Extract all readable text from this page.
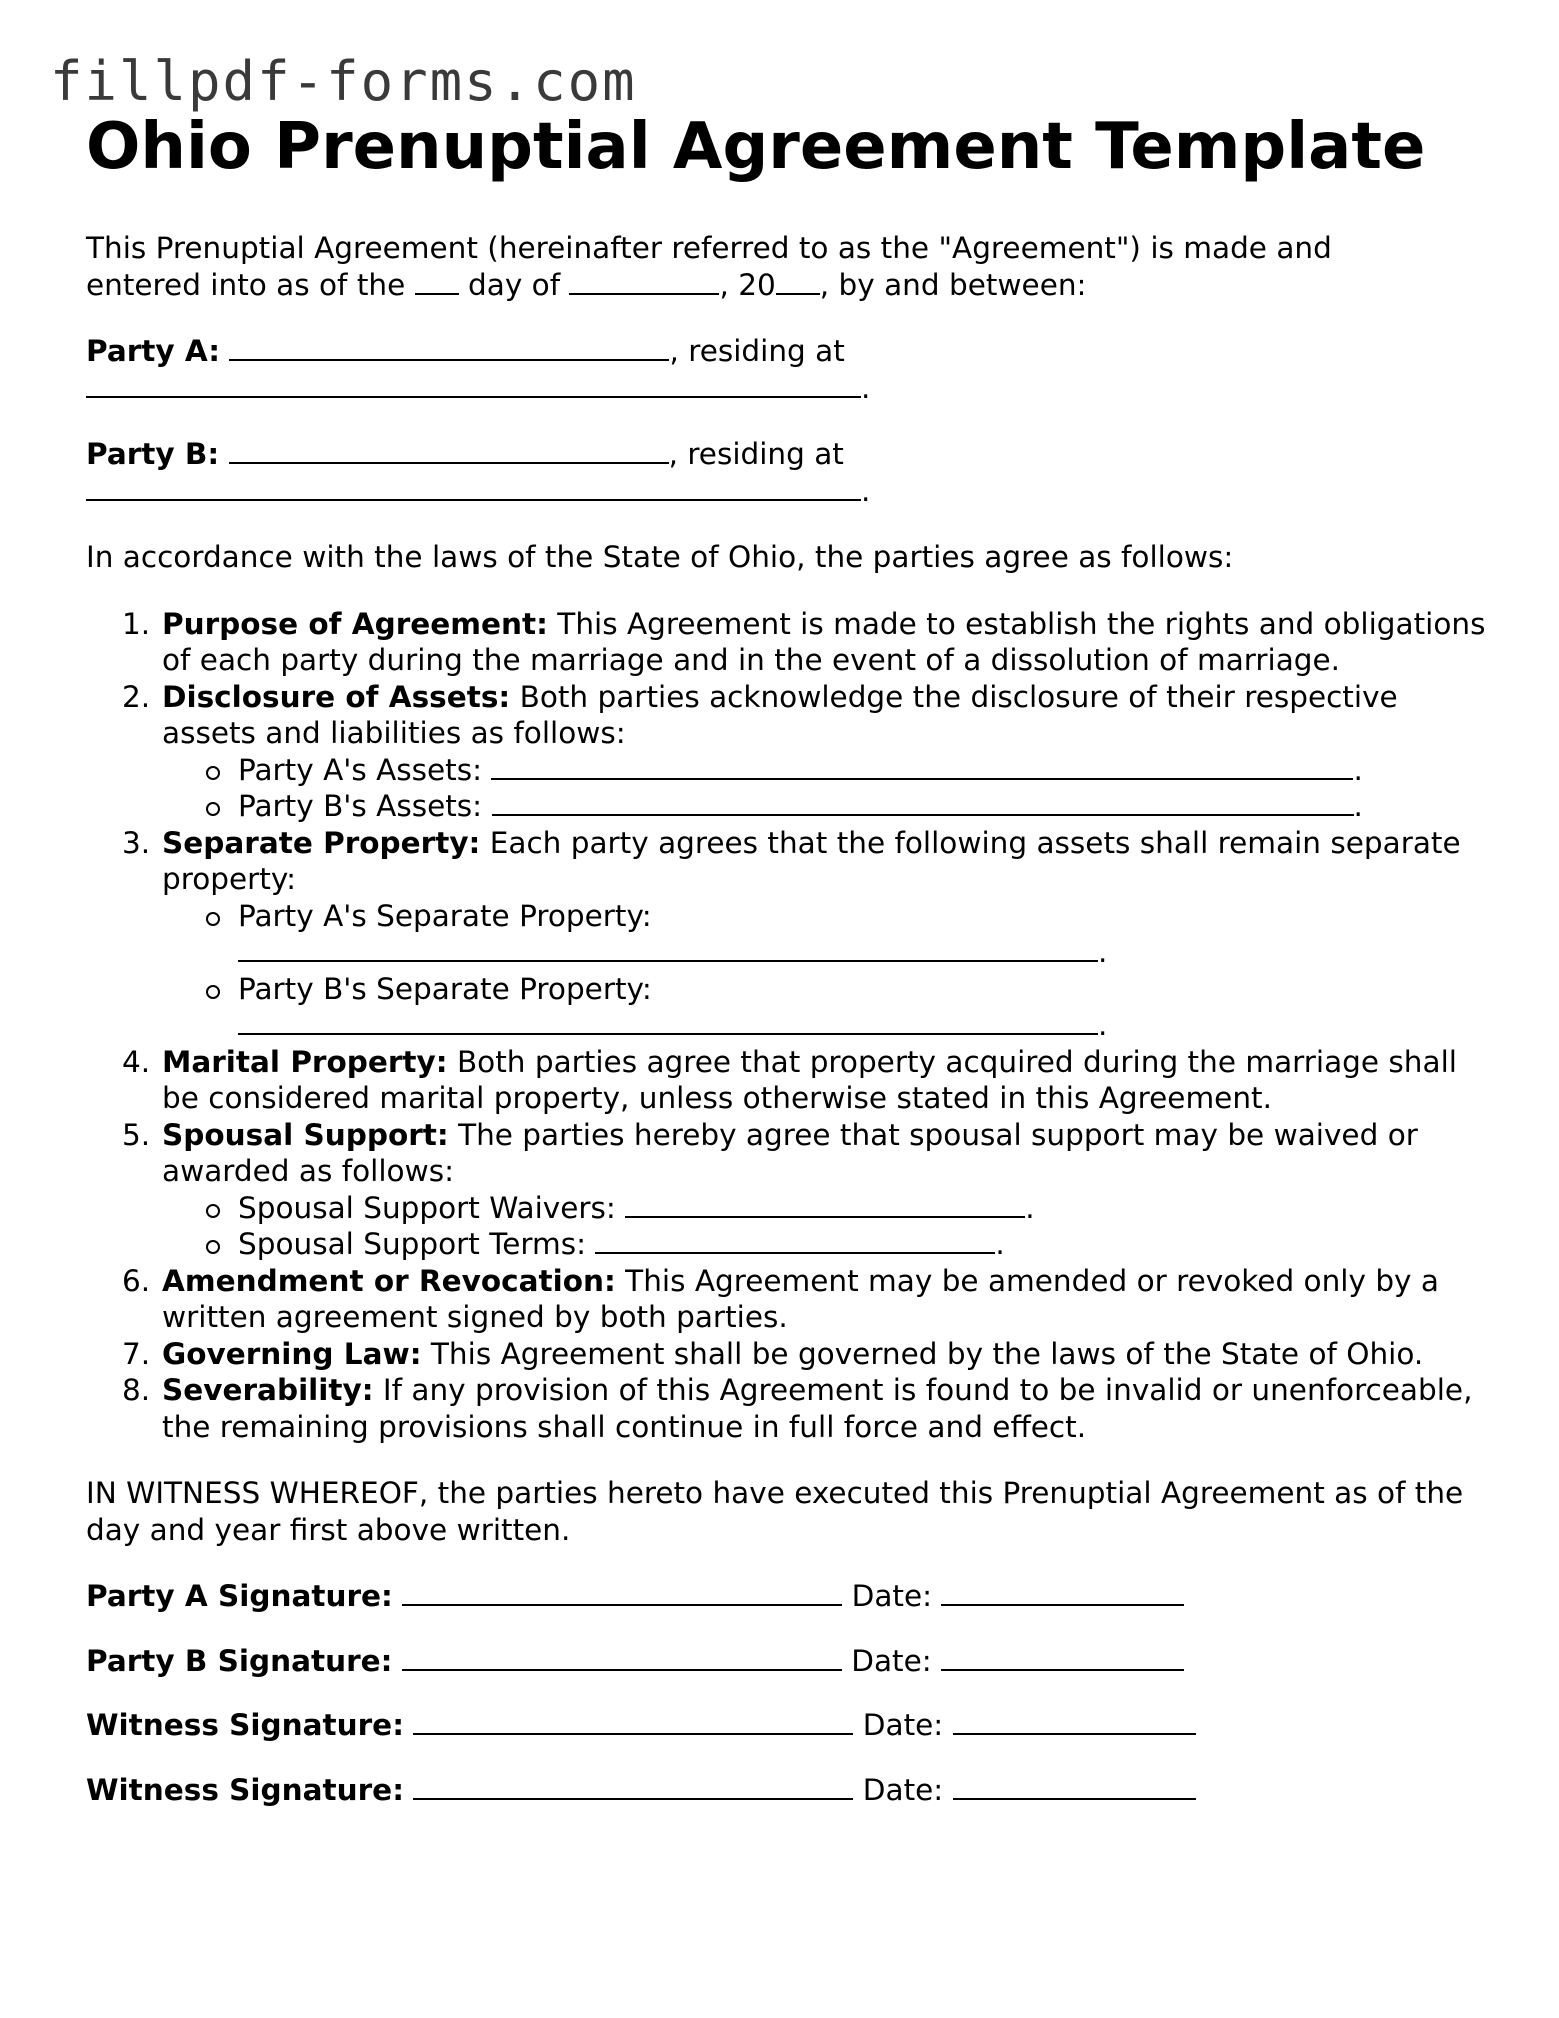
fillpdf-forms.com

Ohio Prenuptial Agreement Template

This Prenuptial Agreement (hereinafter referred to as the "Agreement") is made and
entered into as of the day of	, 20 , by and between:

Party A:	, residing at
.

Party B:	, residing at
.

In accordance with the laws of the State of Ohio, the parties agree as follows:

1. Purpose of Agreement: This Agreement is made to establish the rights and obligations of each party during the marriage and in the event of a dissolution of marriage.
2. Disclosure of Assets: Both parties acknowledge the disclosure of their respective assets and liabilities as follows:
Party A's Assets:	.
Party B's Assets:	.
3. Separate Property: Each party agrees that the following assets shall remain separate property:
Party A's Separate Property:
.
Party B's Separate Property:
.
4. Marital Property: Both parties agree that property acquired during the marriage shall be considered marital property, unless otherwise stated in this Agreement.
5. Spousal Support: The parties hereby agree that spousal support may be waived or awarded as follows:
Spousal Support Waivers:	.
Spousal Support Terms:	.
6. Amendment or Revocation: This Agreement may be amended or revoked only by a written agreement signed by both parties.
7. Governing Law: This Agreement shall be governed by the laws of the State of Ohio.
8. Severability: If any provision of this Agreement is found to be invalid or unenforceable, the remaining provisions shall continue in full force and effect.

IN WITNESS WHEREOF, the parties hereto have executed this Prenuptial Agreement as of the day and year first above written.

Party A Signature:	Date:

Party B Signature:	Date:

Witness Signature:	Date:

Witness Signature:	Date:
